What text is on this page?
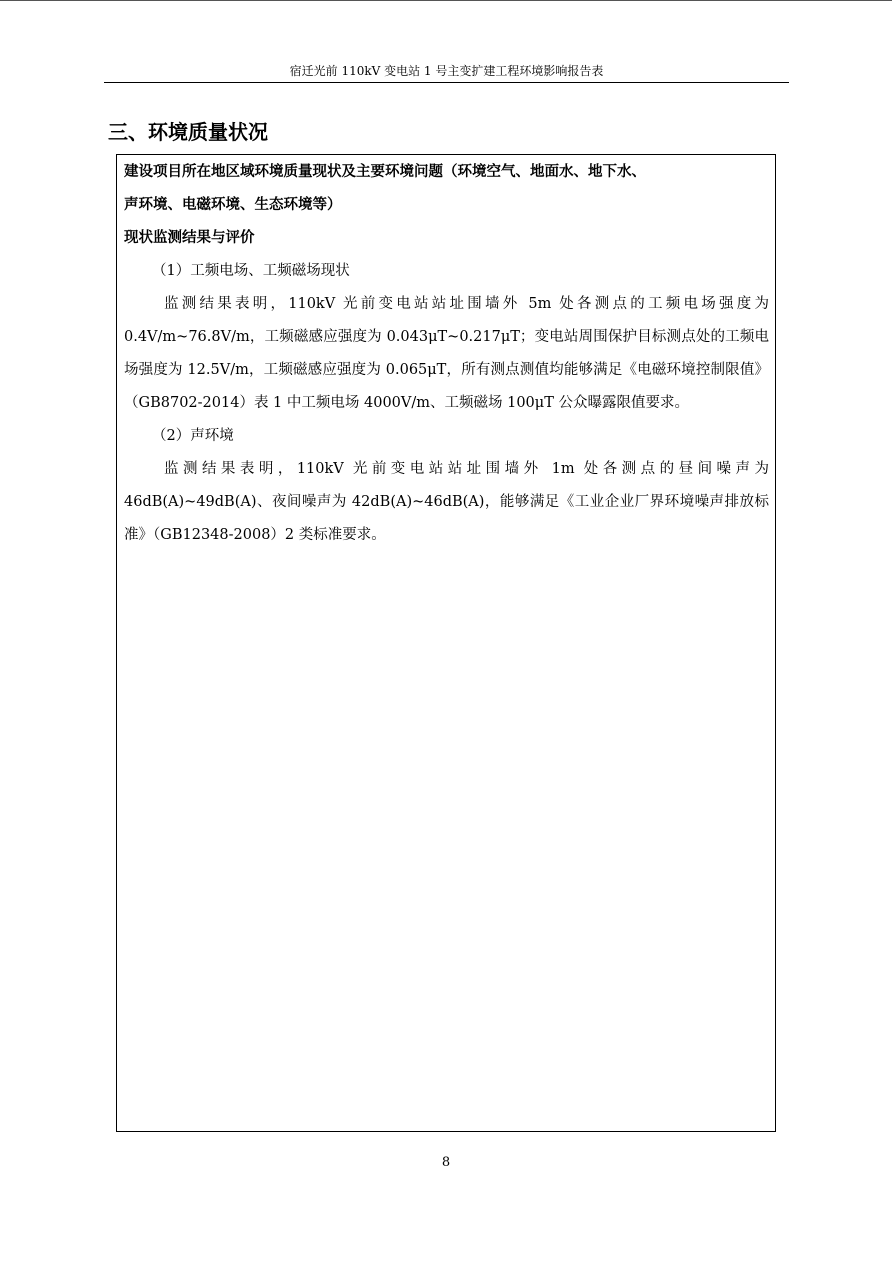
宿迁光前 110kV 变电站 1 号主变扩建工程环境影响报告表
三、环境质量状况
建设项目所在地区域环境质量现状及主要环境问题（环境空气、地面水、地下水、
声环境、电磁环境、生态环境等）
现状监测结果与评价
（1）工频电场、工频磁场现状
监测结果表明，110kV 光前变电站站址围墙外 5m 处各测点的工频电场强度为 0.4V/m~76.8V/m，工频磁感应强度为 0.043μT~0.217μT；变电站周围保护目标测点处的工频电场强度为 12.5V/m，工频磁感应强度为 0.065μT，所有测点测值均能够满足《电磁环境控制限值》（GB8702-2014）表 1 中工频电场 4000V/m、工频磁场 100μT 公众曝露限值要求。
（2）声环境
监测结果表明，110kV 光前变电站站址围墙外 1m 处各测点的昼间噪声为 46dB(A)~49dB(A)、夜间噪声为 42dB(A)~46dB(A)，能够满足《工业企业厂界环境噪声排放标准》（GB12348-2008）2 类标准要求。
8
